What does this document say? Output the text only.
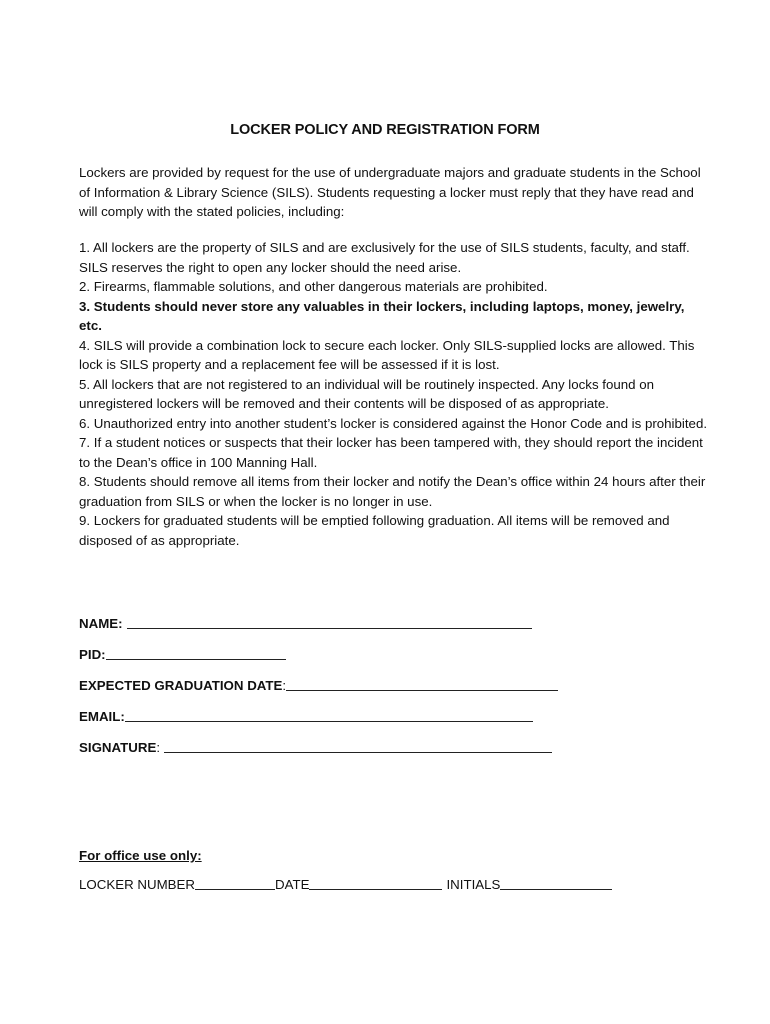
LOCKER POLICY AND REGISTRATION FORM

Lockers are provided by request for the use of undergraduate majors and graduate students in the School of Information & Library Science (SILS). Students requesting a locker must reply that they have read and will comply with the stated policies, including:

1. All lockers are the property of SILS and are exclusively for the use of SILS students, faculty, and staff. SILS reserves the right to open any locker should the need arise.
2. Firearms, flammable solutions, and other dangerous materials are prohibited.
3. Students should never store any valuables in their lockers, including laptops, money, jewelry, etc.
4. SILS will provide a combination lock to secure each locker. Only SILS-supplied locks are allowed. This lock is SILS property and a replacement fee will be assessed if it is lost.
5. All lockers that are not registered to an individual will be routinely inspected. Any locks found on unregistered lockers will be removed and their contents will be disposed of as appropriate.
6. Unauthorized entry into another student’s locker is considered against the Honor Code and is prohibited.
7. If a student notices or suspects that their locker has been tampered with, they should report the incident to the Dean’s office in 100 Manning Hall.
8. Students should remove all items from their locker and notify the Dean’s office within 24 hours after their graduation from SILS or when the locker is no longer in use.
9. Lockers for graduated students will be emptied following graduation. All items will be removed and disposed of as appropriate.
NAME:
PID:
EXPECTED GRADUATION DATE :
EMAIL:
SIGNATURE :
For office use only:
LOCKER NUMBER	DATE	INITIALS
